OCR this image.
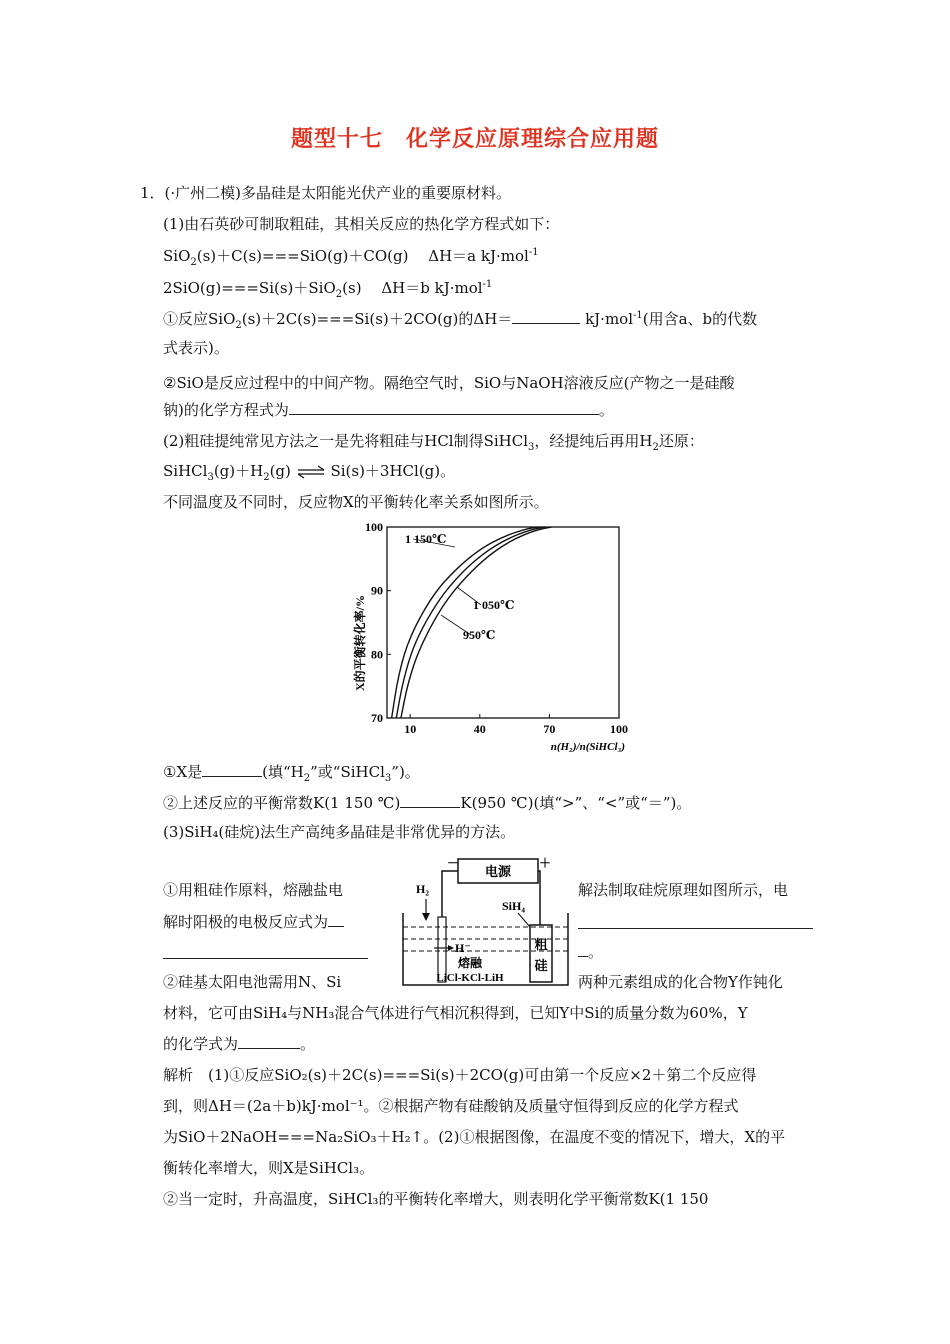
题型十七　化学反应原理综合应用题
1．(·广州二模)多晶硅是太阳能光伏产业的重要原材料。
(1)由石英砂可制取粗硅，其相关反应的热化学方程式如下：
SiO$_2$(s)＋C(s)===SiO(g)＋CO(g)　 ΔH＝a kJ·mol$^{-1}$
2SiO(g)===Si(s)＋SiO$_2$(s)　 ΔH＝b kJ·mol$^{-1}$
①反应SiO$_2$(s)＋2C(s)===Si(s)＋2CO(g)的ΔH＝	kJ·mol$^{-1}$(用含a、b的代数
式表示)。
②SiO是反应过程中的中间产物。隔绝空气时，SiO与NaOH溶液反应(产物之一是硅酸
钠)的化学方程式为	。
(2)粗硅提纯常见方法之一是先将粗硅与HCl制得SiHCl$_3$，经提纯后再用$H_2$还原：
$SiHCl_3(g)+H_2(g)$ ⇌ Si(s)＋3HCl(g)。
不同温度及不同时，反应物X的平衡转化率关系如图所示。
1 150℃
1 050℃
950℃
70
80
90
100
10	40	70	100
X的平衡转化率/%
n(H₂)/n(SiHCl₃)
①X是	(填“$H_2$”或“SiHCl$_3$”)。
②上述反应的平衡常数K(1 150 ℃)	K(950 ℃)(填“>”、“<”或“＝”)。
(3)SiH₄(硅烷)法生产高纯多晶硅是非常优异的方法。
①用粗硅作原料，熔融盐电	解法制取硅烷原理如图所示，电
解时阳极的电极反应式为
。
②硅基太阳电池需用N、Si	两种元素组成的化合物Y作钝化
材料，它可由SiH₄与NH₃混合气体进行气相沉积得到，已知Y中Si的质量分数为60%，Y
的化学式为	。
电源
－	＋
粗
硅
H₂
SiH₄
H⁻
熔融
LiCl-KCl-LiH
解析　(1)①反应SiO₂(s)＋2C(s)===Si(s)＋2CO(g)可由第一个反应×2＋第二个反应得
到，则ΔH＝(2a＋b)kJ·mol⁻¹。②根据产物有硅酸钠及质量守恒得到反应的化学方程式
为SiO＋2NaOH===Na₂SiO₃＋H₂↑。(2)①根据图像，在温度不变的情况下，增大，X的平
衡转化率增大，则X是SiHCl₃。
②当一定时，升高温度，SiHCl₃的平衡转化率增大，则表明化学平衡常数K(1 150
